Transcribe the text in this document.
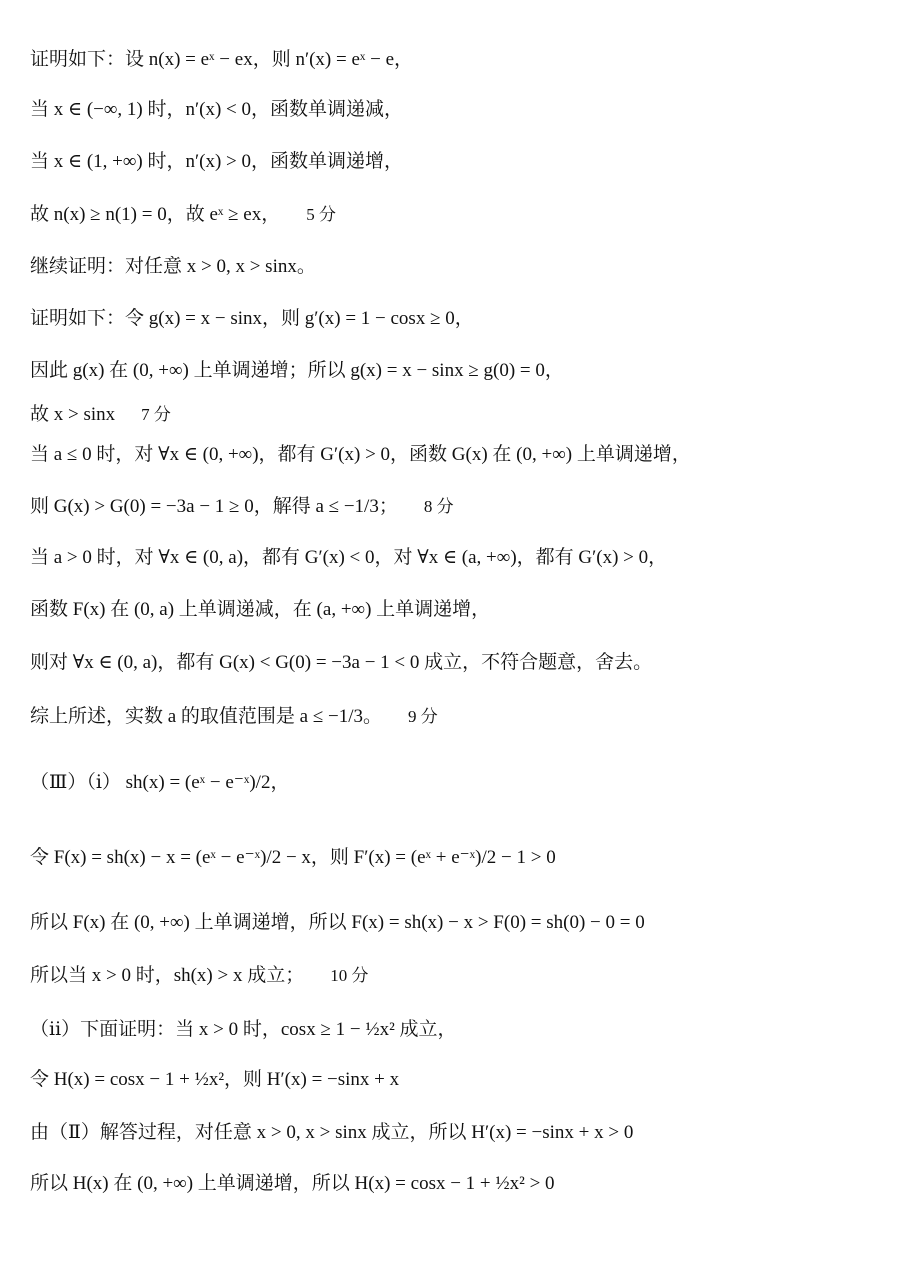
证明如下：设 n(x) = eˣ − ex，则 n′(x) = eˣ − e，
当 x ∈ (−∞, 1) 时，n′(x) < 0，函数单调递减，
当 x ∈ (1, +∞) 时，n′(x) > 0，函数单调递增，
故 n(x) ≥ n(1) = 0，故 eˣ ≥ ex， 5 分
继续证明：对任意 x > 0, x > sinx。
证明如下：令 g(x) = x − sinx，则 g′(x) = 1 − cosx ≥ 0，
因此 g(x) 在 (0, +∞) 上单调递增；所以 g(x) = x − sinx ≥ g(0) = 0，
故 x > sinx 7 分
当 a ≤ 0 时，对 ∀x ∈ (0, +∞)，都有 G′(x) > 0，函数 G(x) 在 (0, +∞) 上单调递增，
则 G(x) > G(0) = −3a − 1 ≥ 0，解得 a ≤ −1/3； 8 分
当 a > 0 时，对 ∀x ∈ (0, a)，都有 G′(x) < 0，对 ∀x ∈ (a, +∞)，都有 G′(x) > 0，
函数 F(x) 在 (0, a) 上单调递减，在 (a, +∞) 上单调递增，
则对 ∀x ∈ (0, a)，都有 G(x) < G(0) = −3a − 1 < 0 成立，不符合题意，舍去。
综上所述，实数 a 的取值范围是 a ≤ −1/3。 9 分
（Ⅲ）（ⅰ） sh(x) = (eˣ − e⁻ˣ)/2，
令 F(x) = sh(x) − x = (eˣ − e⁻ˣ)/2 − x，则 F′(x) = (eˣ + e⁻ˣ)/2 − 1 > 0
所以 F(x) 在 (0, +∞) 上单调递增，所以 F(x) = sh(x) − x > F(0) = sh(0) − 0 = 0
所以当 x > 0 时，sh(x) > x 成立； 10 分
（ⅱ）下面证明：当 x > 0 时，cosx ≥ 1 − ½x² 成立，
令 H(x) = cosx − 1 + ½x²，则 H′(x) = −sinx + x
由（Ⅱ）解答过程，对任意 x > 0, x > sinx 成立，所以 H′(x) = −sinx + x > 0
所以 H(x) 在 (0, +∞) 上单调递增，所以 H(x) = cosx − 1 + ½x² > 0
